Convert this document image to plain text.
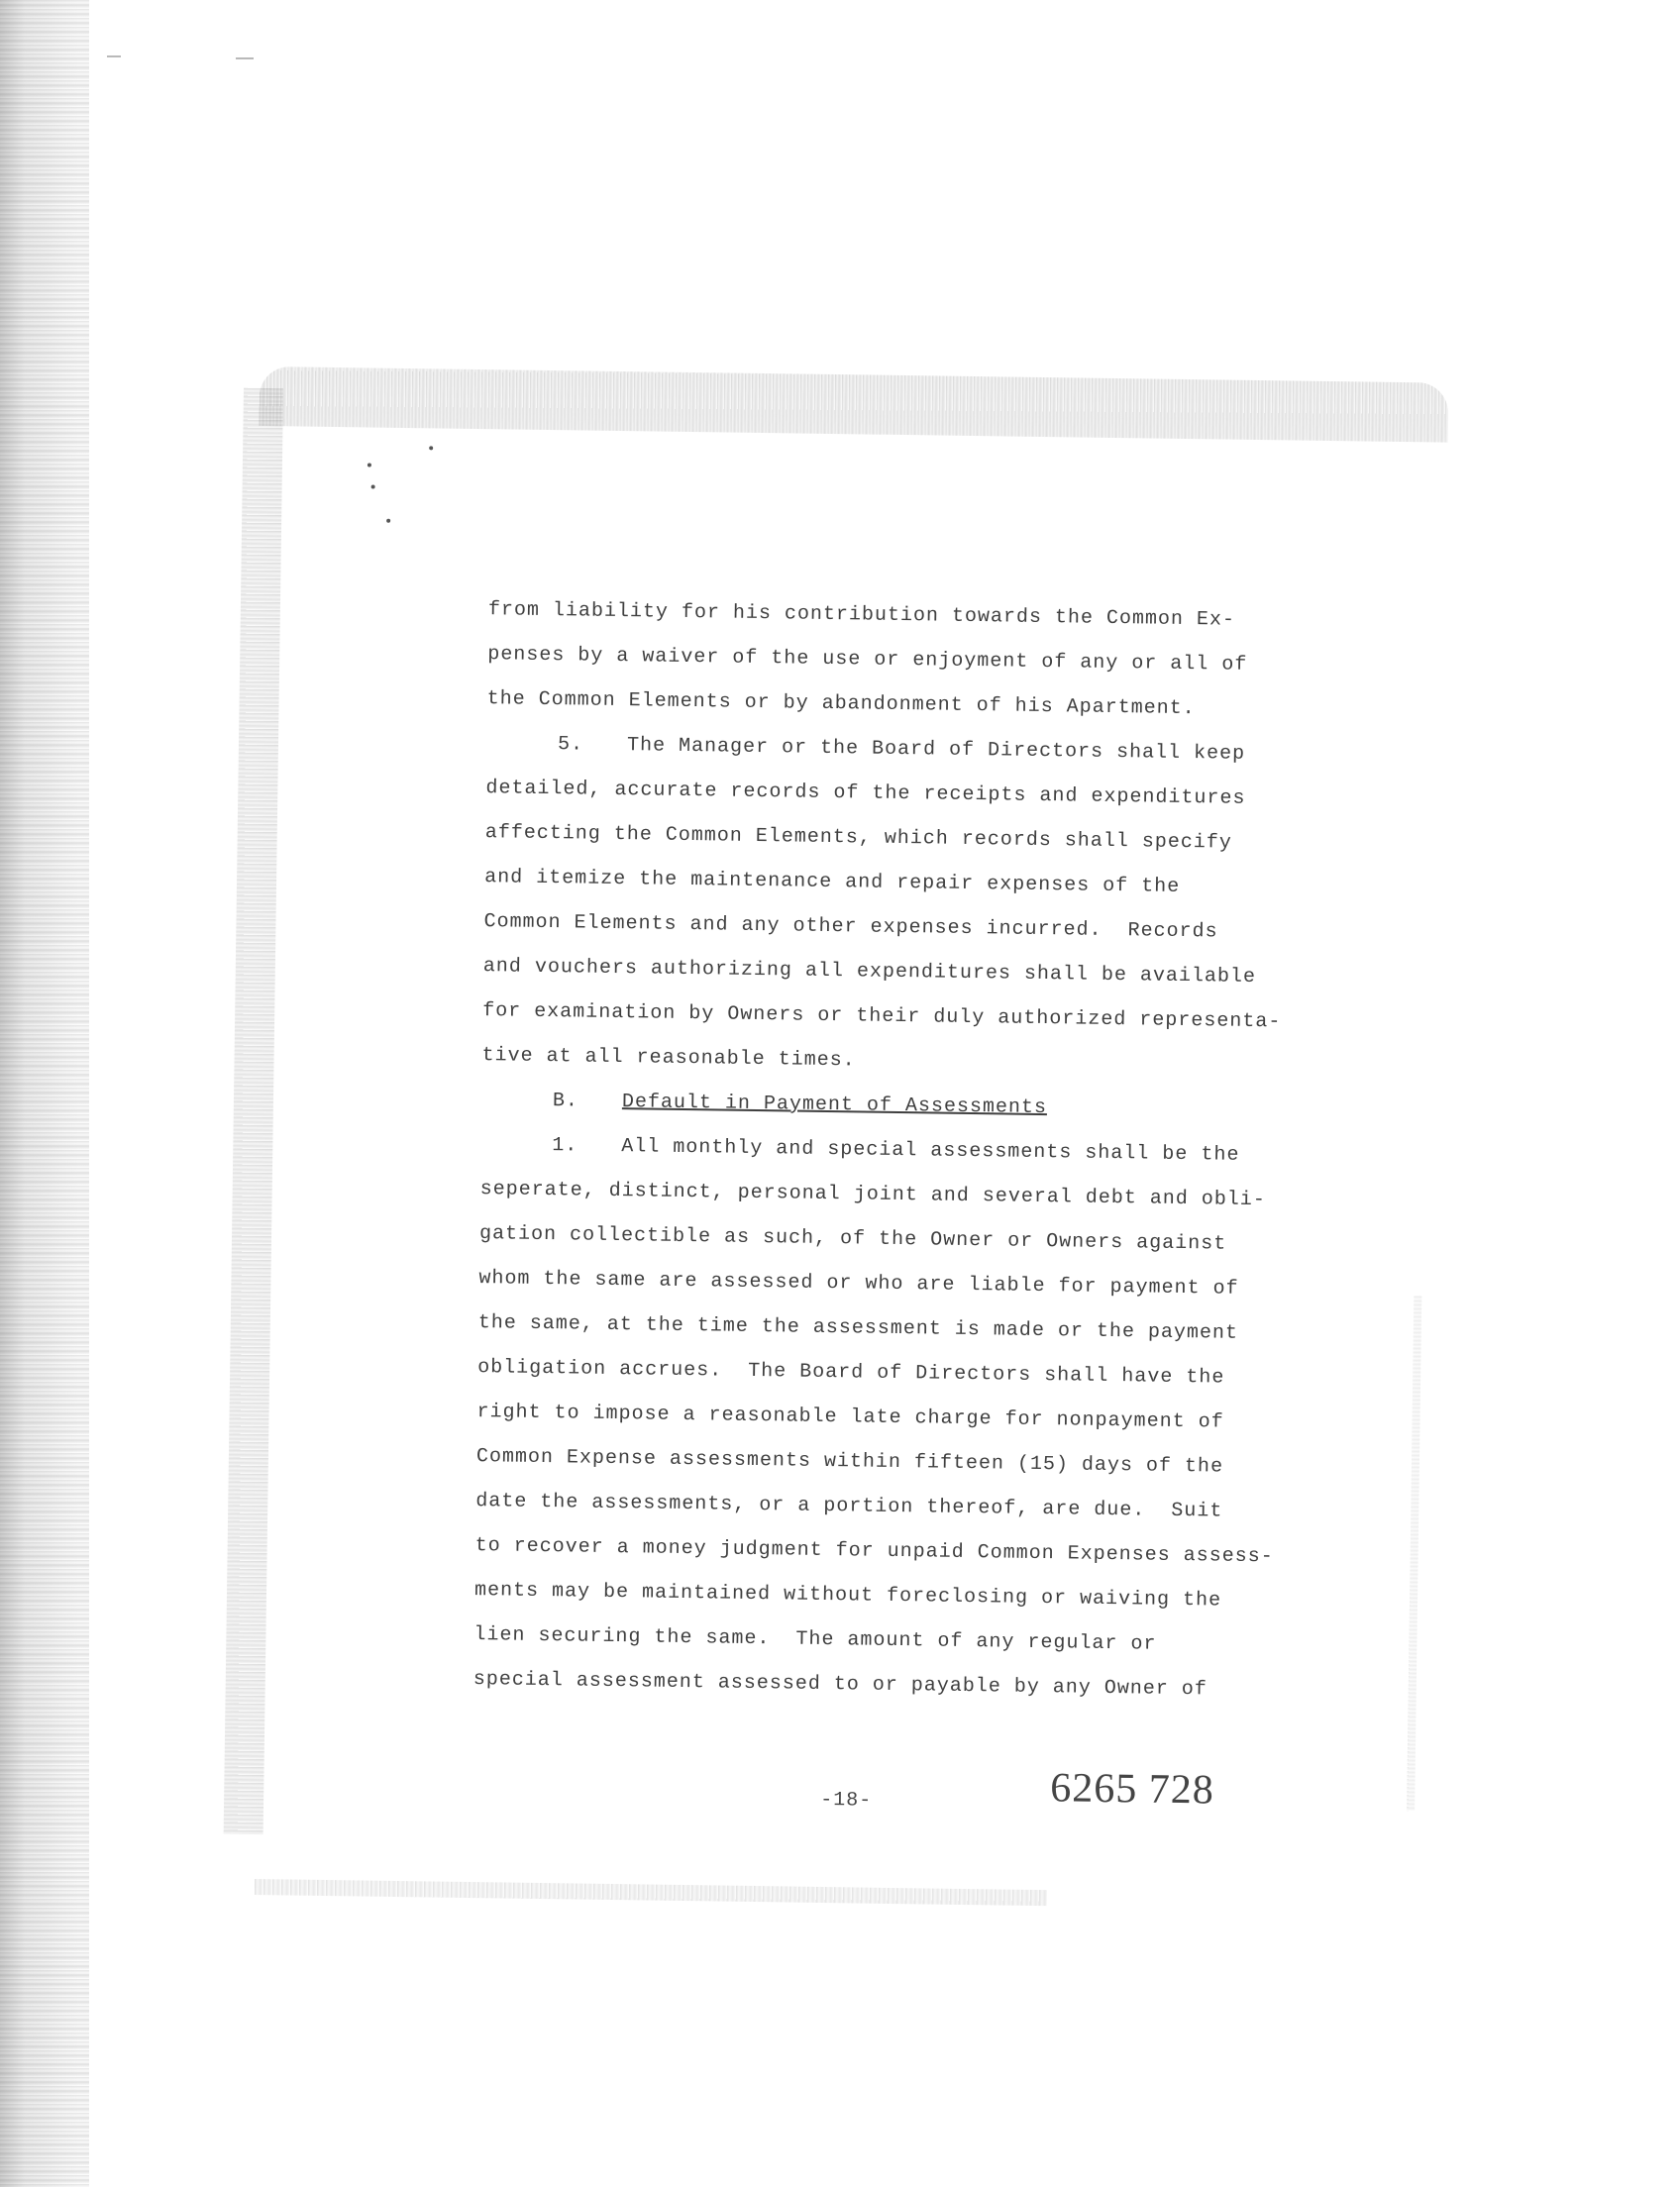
from liability for his contribution towards the Common Ex-
penses by a waiver of the use or enjoyment of any or all of
the Common Elements or by abandonment of his Apartment.
5. The Manager or the Board of Directors shall keep
detailed, accurate records of the receipts and expenditures
affecting the Common Elements, which records shall specify
and itemize the maintenance and repair expenses of the
Common Elements and any other expenses incurred.  Records
and vouchers authorizing all expenditures shall be available
for examination by Owners or their duly authorized representa-
tive at all reasonable times.
B. Default in Payment of Assessments
1. All monthly and special assessments shall be the
seperate, distinct, personal joint and several debt and obli-
gation collectible as such, of the Owner or Owners against
whom the same are assessed or who are liable for payment of
the same, at the time the assessment is made or the payment
obligation accrues.  The Board of Directors shall have the
right to impose a reasonable late charge for nonpayment of
Common Expense assessments within fifteen (15) days of the
date the assessments, or a portion thereof, are due.  Suit
to recover a money judgment for unpaid Common Expenses assess-
ments may be maintained without foreclosing or waiving the
lien securing the same.  The amount of any regular or
special assessment assessed to or payable by any Owner of
-18-	6265 728
